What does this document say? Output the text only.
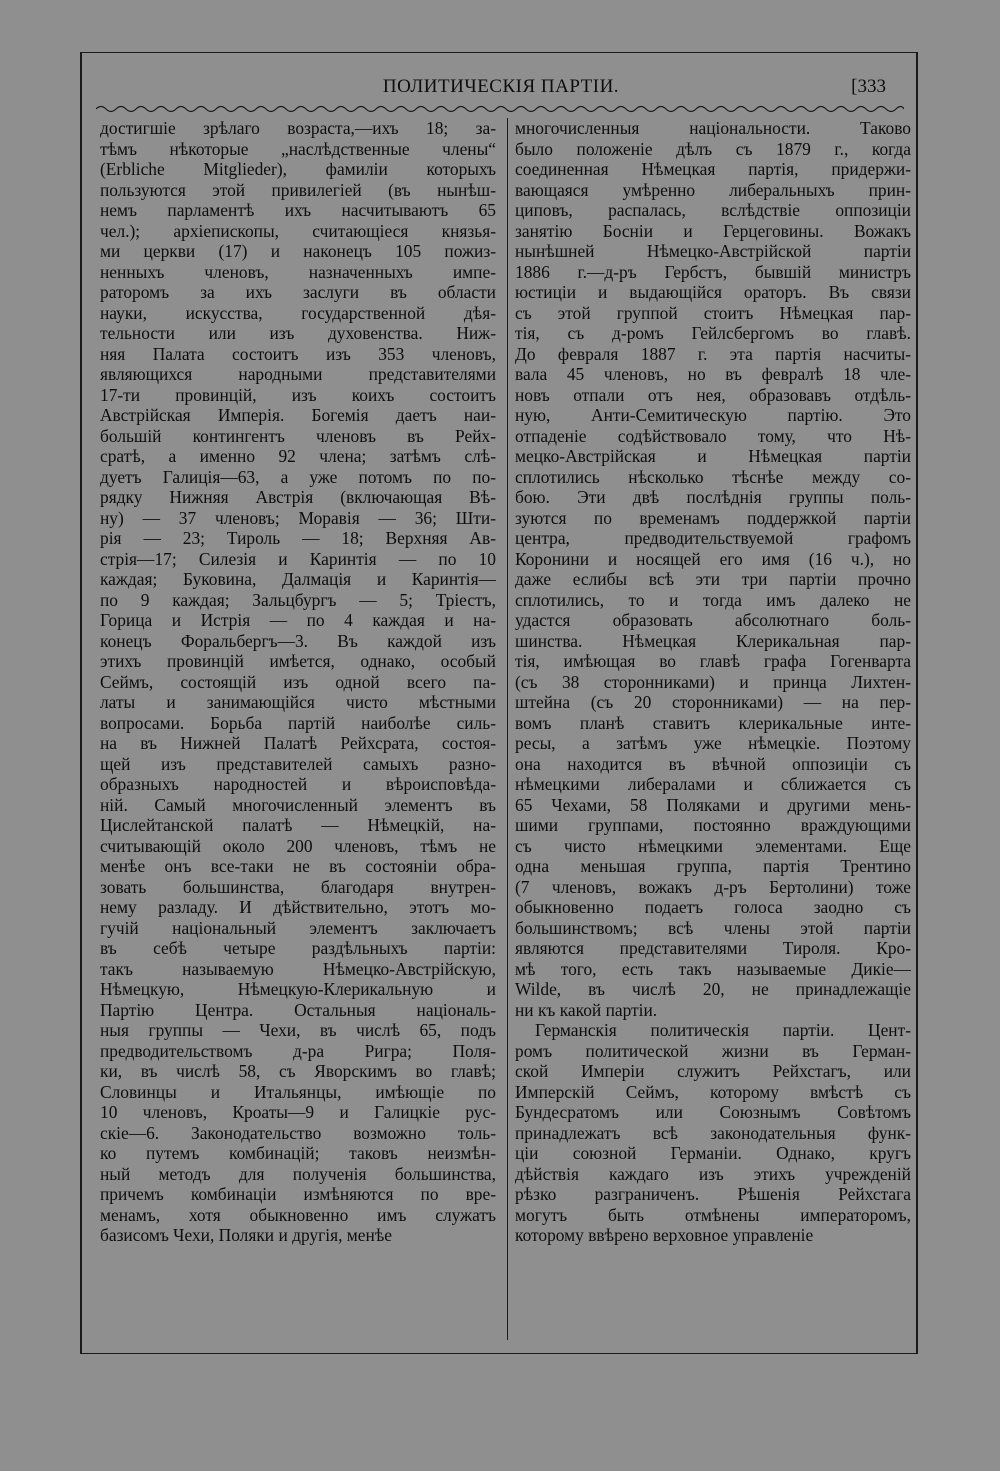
ПОЛИТИЧЕСКІЯ ПАРТІИ.	[333
достигшіе зрѣлаго возраста,—ихъ 18; за-
тѣмъ нѣкоторые „наслѣдственные члены“
(Erbliche Mitglieder), фамиліи которыхъ
пользуются этой привилегіей (въ нынѣш-
немъ парламентѣ ихъ насчитываютъ 65
чел.); архіепископы, считающіеся князья-
ми церкви (17) и наконецъ 105 пожиз-
ненныхъ членовъ, назначенныхъ импе-
раторомъ за ихъ заслуги въ области
науки, искусства, государственной дѣя-
тельности или изъ духовенства. Ниж-
няя Палата состоитъ изъ 353 членовъ,
являющихся народными представителями
17-ти провинцій, изъ коихъ состоитъ
Австрійская Имперія. Богемія даетъ наи-
большій контингентъ членовъ въ Рейх-
сратѣ, а именно 92 члена; затѣмъ слѣ-
дуетъ Галиція—63, а уже потомъ по по-
рядку Нижняя Австрія (включающая Вѣ-
ну) — 37 членовъ; Моравія — 36; Шти-
рія — 23; Тироль — 18; Верхняя Ав-
стрія—17; Силезія и Каринтія — по 10
каждая; Буковина, Далмація и Каринтія—
по 9 каждая; Зальцбургъ — 5; Тріестъ,
Горица и Истрія — по 4 каждая и на-
конецъ Форальбергъ—3. Въ каждой изъ
этихъ провинцій имѣется, однако, особый
Сеймъ, состоящій изъ одной всего па-
латы и занимающійся чисто мѣстными
вопросами. Борьба партій наиболѣе силь-
на въ Нижней Палатѣ Рейхсрата, состоя-
щей изъ представителей самыхъ разно-
образныхъ народностей и вѣроисповѣда-
ній. Самый многочисленный элементъ въ
Цислейтанской палатѣ — Нѣмецкій, на-
считывающій около 200 членовъ, тѣмъ не
менѣе онъ все-таки не въ состояніи обра-
зовать большинства, благодаря внутрен-
нему разладу. И дѣйствительно, этотъ мо-
гучій національный элементъ заключаетъ
въ себѣ четыре раздѣльныхъ партіи:
такъ называемую Нѣмецко-Австрійскую,
Нѣмецкую, Нѣмецкую-Клерикальную и
Партію Центра. Остальныя національ-
ныя группы — Чехи, въ числѣ 65, подъ
предводительствомъ д-ра Ригра; Поля-
ки, въ числѣ 58, съ Яворскимъ во главѣ;
Словинцы и Итальянцы, имѣющіе по
10 членовъ, Кроаты—9 и Галицкіе рус-
скіе—6. Законодательство возможно толь-
ко путемъ комбинацій; таковъ неизмѣн-
ный методъ для полученія большинства,
причемъ комбинаціи измѣняются по вре-
менамъ, хотя обыкновенно имъ служатъ
базисомъ Чехи, Поляки и другія, менѣе
многочисленныя національности. Таково
было положеніе дѣлъ съ 1879 г., когда
соединенная Нѣмецкая партія, придержи-
вающаяся умѣренно либеральныхъ прин-
циповъ, распалась, вслѣдствіе оппозиціи
занятію Босніи и Герцеговины. Вожакъ
нынѣшней Нѣмецко-Австрійской партіи
1886 г.—д-ръ Гербстъ, бывшій министръ
юстиціи и выдающійся ораторъ. Въ связи
съ этой группой стоитъ Нѣмецкая пар-
тія, съ д-ромъ Гейлсбергомъ во главѣ.
До февраля 1887 г. эта партія насчиты-
вала 45 членовъ, но въ февралѣ 18 чле-
новъ отпали отъ нея, образовавъ отдѣль-
ную, Анти-Семитическую партію. Это
отпаденіе содѣйствовало тому, что Нѣ-
мецко-Австрійская и Нѣмецкая партіи
сплотились нѣсколько тѣснѣе между со-
бою. Эти двѣ послѣднія группы поль-
зуются по временамъ поддержкой партіи
центра, предводительствуемой графомъ
Коронини и носящей его имя (16 ч.), но
даже еслибы всѣ эти три партіи прочно
сплотились, то и тогда имъ далеко не
удастся образовать абсолютнаго боль-
шинства. Нѣмецкая Клерикальная пар-
тія, имѣющая во главѣ графа Гогенварта
(съ 38 сторонниками) и принца Лихтен-
штейна (съ 20 сторонниками) — на пер-
вомъ планѣ ставитъ клерикальные инте-
ресы, а затѣмъ уже нѣмецкіе. Поэтому
она находится въ вѣчной оппозиціи съ
нѣмецкими либералами и сближается съ
65 Чехами, 58 Поляками и другими мень-
шими группами, постоянно враждующими
съ чисто нѣмецкими элементами. Еще
одна меньшая группа, партія Трентино
(7 членовъ, вожакъ д-ръ Бертолини) тоже
обыкновенно подаетъ голоса заодно съ
большинствомъ; всѣ члены этой партіи
являются представителями Тироля. Кро-
мѣ того, есть такъ называемые Дикіе—
Wilde, въ числѣ 20, не принадлежащіе
ни къ какой партіи.
Германскія политическія партіи. Цент-
ромъ политической жизни въ Герман-
ской Имперіи служитъ Рейхстагъ, или
Имперскій Сеймъ, которому вмѣстѣ съ
Бундесратомъ или Союзнымъ Совѣтомъ
принадлежатъ всѣ законодательныя функ-
ціи союзной Германіи. Однако, кругъ
дѣйствія каждаго изъ этихъ учрежденій
рѣзко разграниченъ. Рѣшенія Рейхстага
могутъ быть отмѣнены императоромъ,
которому ввѣрено верховное управленіе
